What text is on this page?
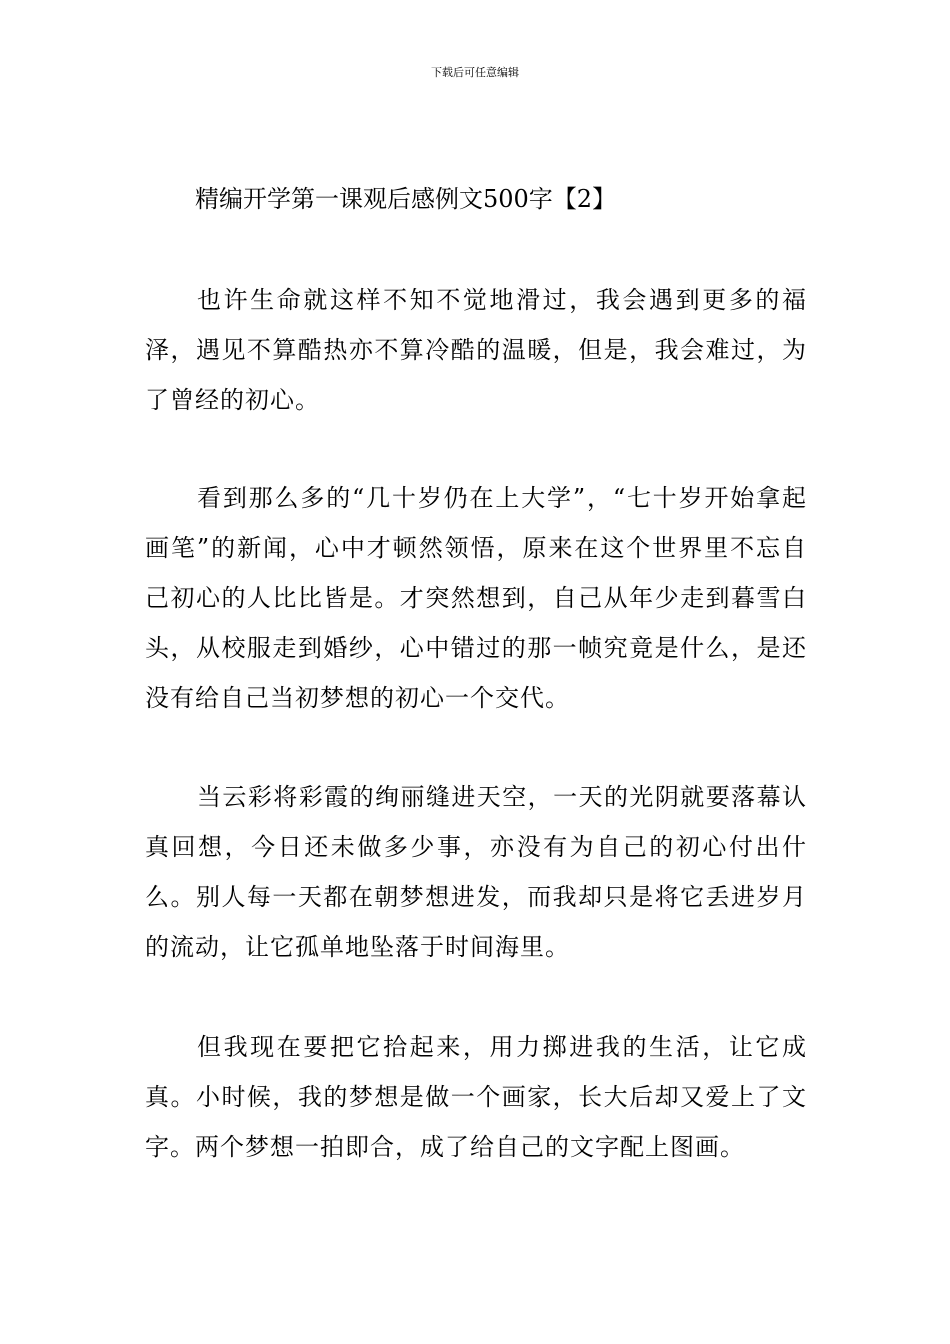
下载后可任意编辑
精编开学第一课观后感例文500字【2】

也许生命就这样不知不觉地滑过，我会遇到更多的福泽，遇见不算酷热亦不算冷酷的温暖，但是，我会难过，为了曾经的初心。

看到那么多的“几十岁仍在上大学”，“七十岁开始拿起画笔”的新闻，心中才顿然领悟，原来在这个世界里不忘自己初心的人比比皆是。才突然想到，自己从年少走到暮雪白头，从校服走到婚纱，心中错过的那一帧究竟是什么，是还没有给自己当初梦想的初心一个交代。

当云彩将彩霞的绚丽缝进天空，一天的光阴就要落幕认真回想，今日还未做多少事，亦没有为自己的初心付出什么。别人每一天都在朝梦想进发，而我却只是将它丢进岁月的流动，让它孤单地坠落于时间海里。

但我现在要把它拾起来，用力掷进我的生活，让它成真。小时候，我的梦想是做一个画家，长大后却又爱上了文字。两个梦想一拍即合，成了给自己的文字配上图画。
